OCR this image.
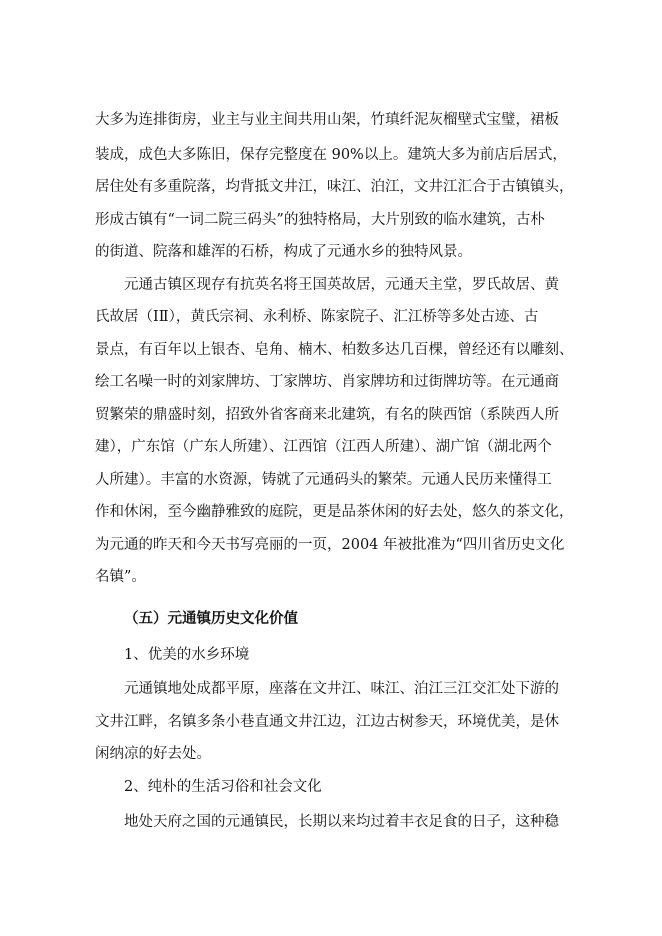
大多为连排街房，业主与业主间共用山架，竹瑱纤泥灰榴壁式宝璧，裙板
装成，成色大多陈旧，保存完整度在 90%以上。建筑大多为前店后居式，
居住处有多重院落，均背抵文井江，味江、泊江，文井江汇合于古镇镇头，
形成古镇有“一词二院三码头”的独特格局，大片别致的临水建筑，古朴
的街道、院落和雄浑的石桥，构成了元通水乡的独特风景。
元通古镇区现存有抗英名将王国英故居，元通天主堂，罗氏故居、黄
氏故居（ⅠⅡ），黄氏宗祠、永利桥、陈家院子、汇江桥等多处古迹、古
景点，有百年以上银杏、皂角、楠木、柏数多达几百棵，曾经还有以雕刻、
绘工名噪一时的刘家牌坊、丁家牌坊、肖家牌坊和过街牌坊等。在元通商
贸繁荣的鼎盛时刻，招致外省客商来北建筑，有名的陕西馆（系陕西人所
建），广东馆（广东人所建）、江西馆（江西人所建）、湖广馆（湖北两个
人所建）。丰富的水资源，铸就了元通码头的繁荣。元通人民历来懂得工
作和休闲，至今幽静雅致的庭院，更是品茶休闲的好去处，悠久的茶文化，
为元通的昨天和今天书写亮丽的一页，2004 年被批准为“四川省历史文化
名镇”。
（五）元通镇历史文化价值
1、优美的水乡环境
元通镇地处成都平原，座落在文井江、味江、泊江三江交汇处下游的
文井江畔，名镇多条小巷直通文井江边，江边古树参天，环境优美，是休
闲纳凉的好去处。
2、纯朴的生活习俗和社会文化
地处天府之国的元通镇民，长期以来均过着丰衣足食的日子，这种稳
